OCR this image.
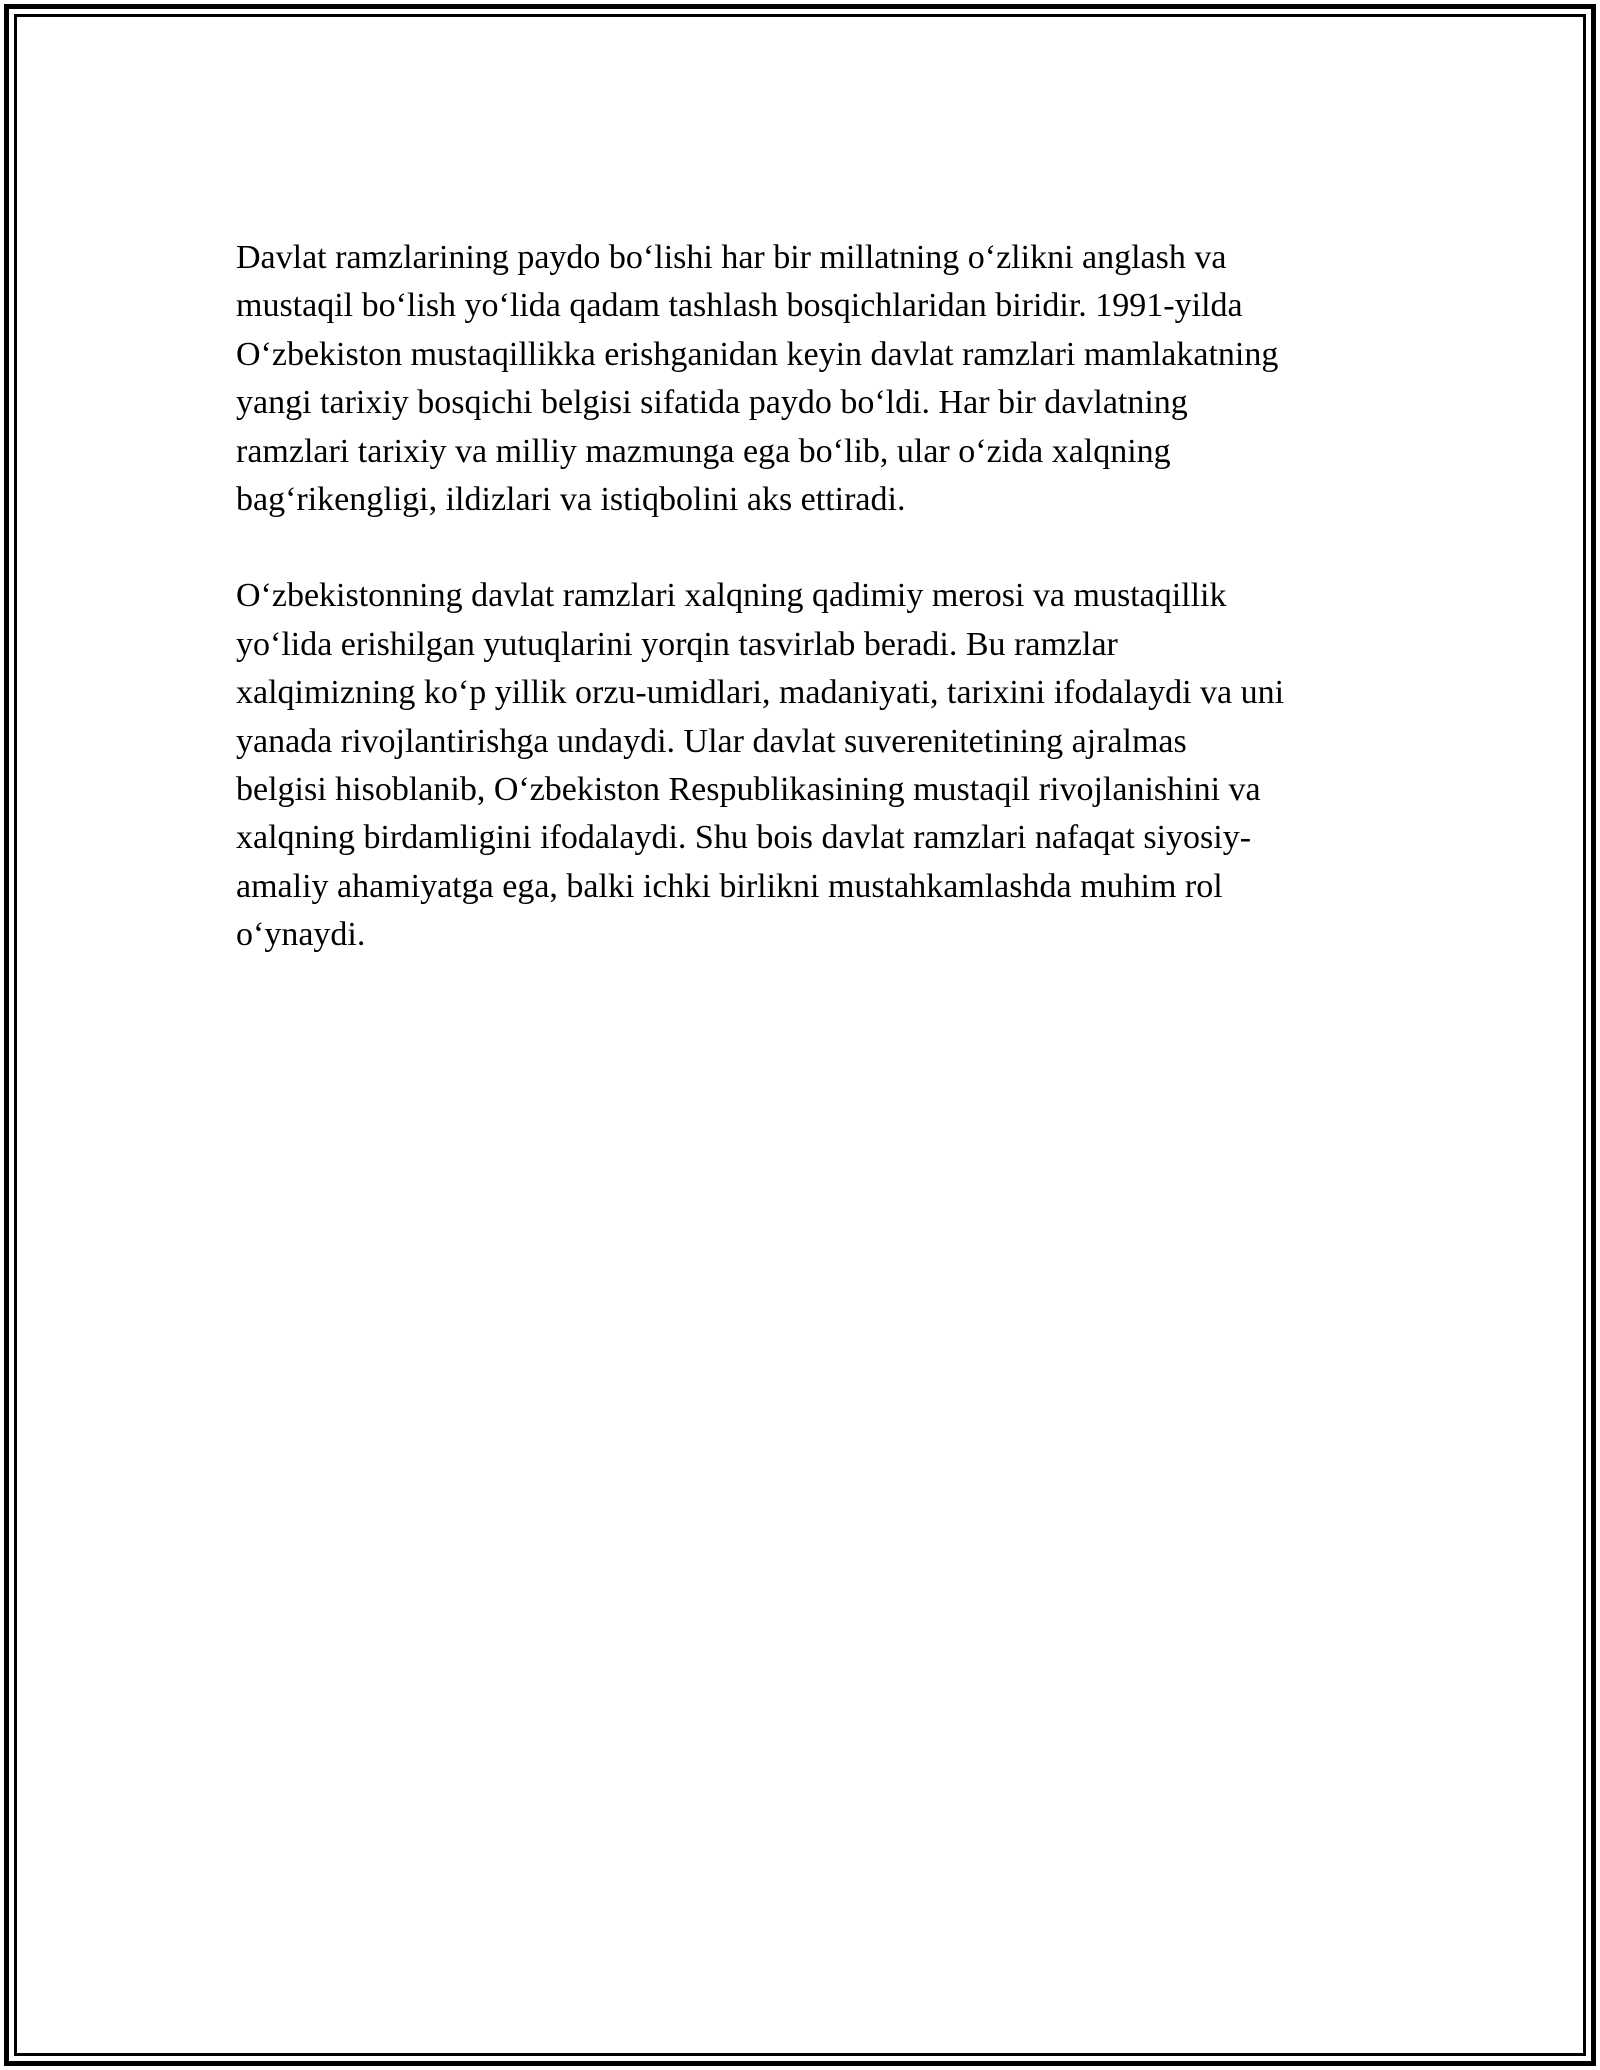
Davlat ramzlarining paydo bo‘lishi har bir millatning o‘zlikni anglash va
mustaqil bo‘lish yo‘lida qadam tashlash bosqichlaridan biridir. 1991-yilda
O‘zbekiston mustaqillikka erishganidan keyin davlat ramzlari mamlakatning
yangi tarixiy bosqichi belgisi sifatida paydo bo‘ldi. Har bir davlatning
ramzlari tarixiy va milliy mazmunga ega bo‘lib, ular o‘zida xalqning
bag‘rikengligi, ildizlari va istiqbolini aks ettiradi.

O‘zbekistonning davlat ramzlari xalqning qadimiy merosi va mustaqillik
yo‘lida erishilgan yutuqlarini yorqin tasvirlab beradi. Bu ramzlar
xalqimizning ko‘p yillik orzu-umidlari, madaniyati, tarixini ifodalaydi va uni
yanada rivojlantirishga undaydi. Ular davlat suverenitetining ajralmas
belgisi hisoblanib, O‘zbekiston Respublikasining mustaqil rivojlanishini va
xalqning birdamligini ifodalaydi. Shu bois davlat ramzlari nafaqat siyosiy-
amaliy ahamiyatga ega, balki ichki birlikni mustahkamlashda muhim rol
o‘ynaydi.
